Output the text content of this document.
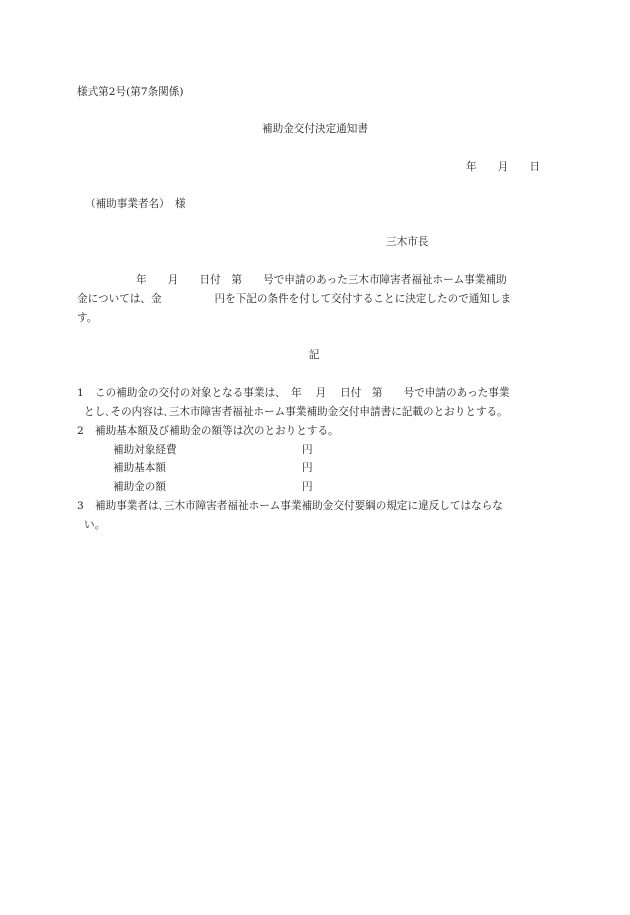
様式第2号(第7条関係)
補助金交付決定通知書
年　　月　　日
（補助事業者名）　様
三木市長
年　　月　　日付　第　　号で申請のあった三木市障害者福祉ホーム事業補助
金については、金　　　　　円を下記の条件を付して交付することに決定したので通知しま
す。
記
1 この補助金の交付の対象となる事業は、　年　 月　 日付　第　　号で申請のあった事業
とし､その内容は､三木市障害者福祉ホーム事業補助金交付申請書に記載のとおりとする。
2 補助基本額及び補助金の額等は次のとおりとする。
補助対象経費	円
補助基本額	円
補助金の額	円
3 補助事業者は､三木市障害者福祉ホーム事業補助金交付要綱の規定に違反してはならな
い。
